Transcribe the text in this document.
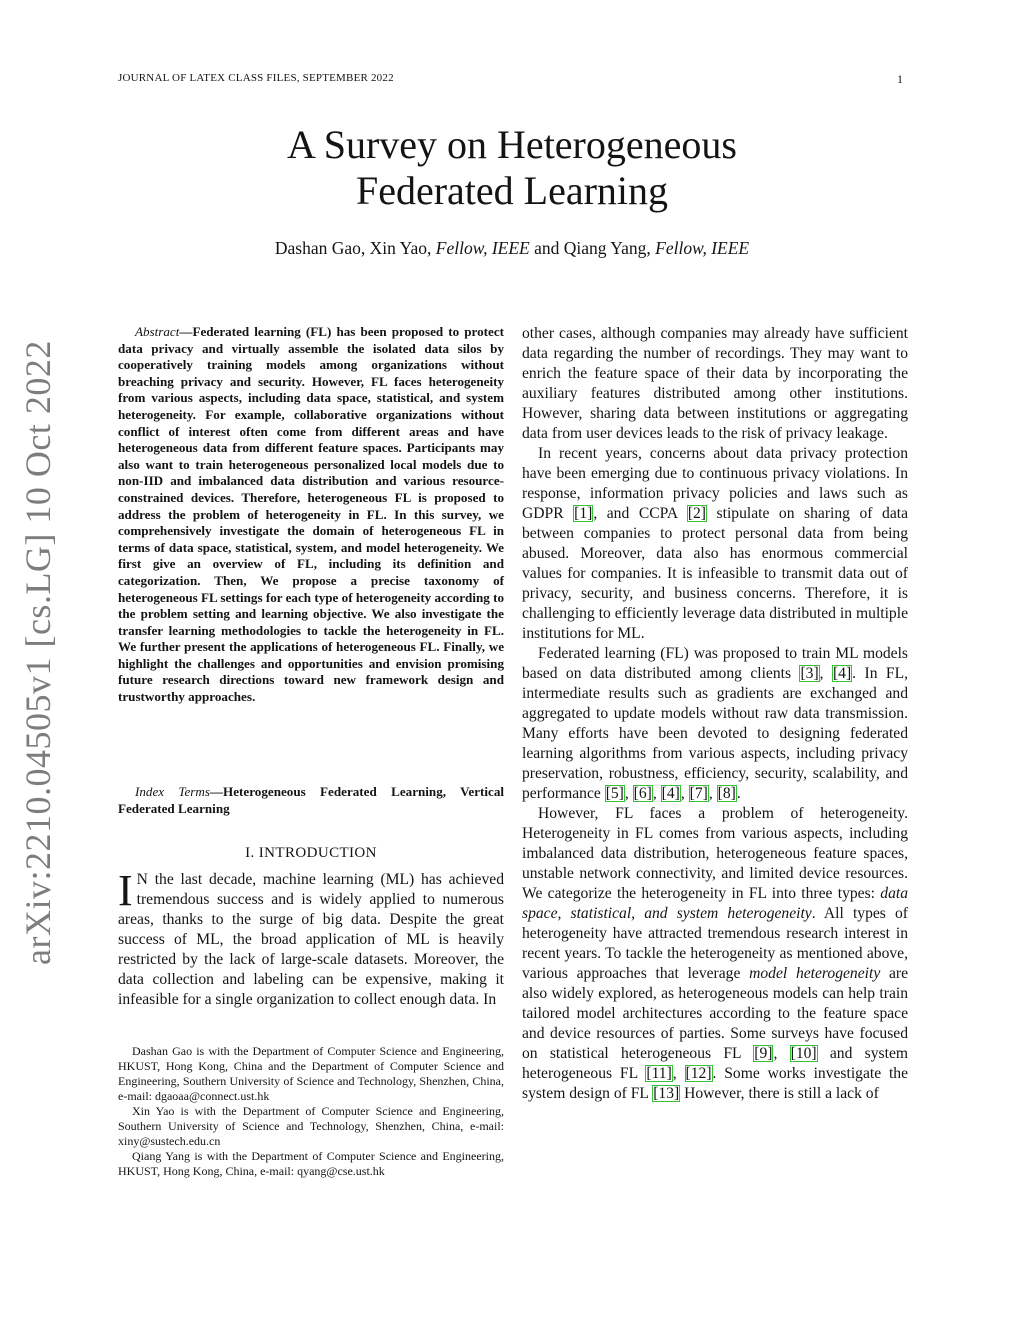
JOURNAL OF LATEX CLASS FILES, SEPTEMBER 2022	1
A Survey on Heterogeneous
Federated Learning
Dashan Gao, Xin Yao, Fellow, IEEE and Qiang Yang, Fellow, IEEE
arXiv:2210.04505v1 [cs.LG] 10 Oct 2022

Abstract—Federated learning (FL) has been proposed to protect data privacy and virtually assemble the isolated data silos by cooperatively training models among organizations without breaching privacy and security. However, FL faces heterogeneity from various aspects, including data space, statistical, and system heterogeneity. For example, collaborative organizations without conflict of interest often come from different areas and have heterogeneous data from different feature spaces. Participants may also want to train heterogeneous personalized local models due to non-IID and imbalanced data distribution and various resource-constrained devices. Therefore, heterogeneous FL is proposed to address the problem of heterogeneity in FL. In this survey, we comprehensively investigate the domain of heterogeneous FL in terms of data space, statistical, system, and model heterogeneity. We first give an overview of FL, including its definition and categorization. Then, We propose a precise taxonomy of heterogeneous FL settings for each type of heterogeneity according to the problem setting and learning objective. We also investigate the transfer learning methodologies to tackle the heterogeneity in FL. We further present the applications of heterogeneous FL. Finally, we highlight the challenges and opportunities and envision promising future research directions toward new framework design and trustworthy approaches.

Index Terms—Heterogeneous Federated Learning, Vertical Federated Learning

I. INTRODUCTION
I N the last decade, machine learning (ML) has achieved tremendous success and is widely applied to numerous areas, thanks to the surge of big data. Despite the great success of ML, the broad application of ML is heavily restricted by the lack of large-scale datasets. Moreover, the data collection and labeling can be expensive, making it infeasible for a single organization to collect enough data. In

Dashan Gao is with the Department of Computer Science and Engineering, HKUST, Hong Kong, China and the Department of Computer Science and Engineering, Southern University of Science and Technology, Shenzhen, China, e-mail: dgaoaa@connect.ust.hk

Xin Yao is with the Department of Computer Science and Engineering, Southern University of Science and Technology, Shenzhen, China, e-mail: xiny@sustech.edu.cn

Qiang Yang is with the Department of Computer Science and Engineering, HKUST, Hong Kong, China, e-mail: qyang@cse.ust.hk

other cases, although companies may already have sufficient data regarding the number of recordings. They may want to enrich the feature space of their data by incorporating the auxiliary features distributed among other institutions. However, sharing data between institutions or aggregating data from user devices leads to the risk of privacy leakage.

In recent years, concerns about data privacy protection have been emerging due to continuous privacy violations. In response, information privacy policies and laws such as GDPR [1], and CCPA [2] stipulate on sharing of data between companies to protect personal data from being abused. Moreover, data also has enormous commercial values for companies. It is infeasible to transmit data out of privacy, security, and business concerns. Therefore, it is challenging to efficiently leverage data distributed in multiple institutions for ML.

Federated learning (FL) was proposed to train ML models based on data distributed among clients [3], [4]. In FL, intermediate results such as gradients are exchanged and aggregated to update models without raw data transmission. Many efforts have been devoted to designing federated learning algorithms from various aspects, including privacy preservation, robustness, efficiency, security, scalability, and performance [5], [6], [4], [7], [8].

However, FL faces a problem of heterogeneity. Heterogeneity in FL comes from various aspects, including imbalanced data distribution, heterogeneous feature spaces, unstable network connectivity, and limited device resources. We categorize the heterogeneity in FL into three types: data space, statistical, and system heterogeneity. All types of heterogeneity have attracted tremendous research interest in recent years. To tackle the heterogeneity as mentioned above, various approaches that leverage model heterogeneity are also widely explored, as heterogeneous models can help train tailored model architectures according to the feature space and device resources of parties. Some surveys have focused on statistical heterogeneous FL [9], [10] and system heterogeneous FL [11], [12]. Some works investigate the system design of FL [13] However, there is still a lack of
